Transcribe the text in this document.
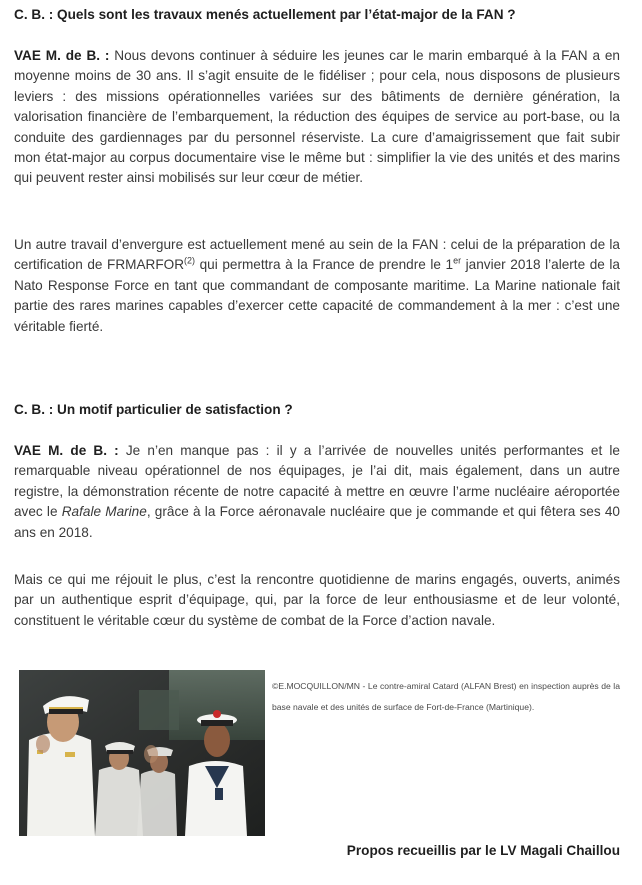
C. B. : Quels sont les travaux menés actuellement par l’état-major de la FAN ?

VAE M. de B. : Nous devons continuer à séduire les jeunes car le marin embarqué à la FAN a en moyenne moins de 30 ans. Il s’agit ensuite de le fidéliser ; pour cela, nous disposons de plusieurs leviers : des missions opérationnelles variées sur des bâtiments de dernière génération, la valorisation financière de l’embarquement, la réduction des équipes de service au port-base, ou la conduite des gardiennages par du personnel réserviste. La cure d’amaigrissement que fait subir mon état-major au corpus documentaire vise le même but : simplifier la vie des unités et des marins qui peuvent rester ainsi mobilisés sur leur cœur de métier.

Un autre travail d’envergure est actuellement mené au sein de la FAN : celui de la préparation de la certification de FRMARFOR$^{(2)}$ qui permettra à la France de prendre le 1er janvier 2018 l’alerte de la Nato Response Force en tant que commandant de composante maritime. La Marine nationale fait partie des rares marines capables d’exercer cette capacité de commandement à la mer : c’est une véritable fierté.

C. B. : Un motif particulier de satisfaction ?

VAE M. de B. : Je n’en manque pas : il y a l’arrivée de nouvelles unités performantes et le remarquable niveau opérationnel de nos équipages, je l’ai dit, mais également, dans un autre registre, la démonstration récente de notre capacité à mettre en œuvre l’arme nucléaire aéroportée avec le Rafale Marine, grâce à la Force aéronavale nucléaire que je commande et qui fêtera ses 40 ans en 2018.

Mais ce qui me réjouit le plus, c’est la rencontre quotidienne de marins engagés, ouverts, animés par un authentique esprit d’équipage, qui, par la force de leur enthousiasme et de leur volonté, constituent le véritable cœur du système de combat de la Force d’action navale.

©E.MOCQUILLON/MN - Le contre-amiral Catard (ALFAN Brest) en inspection auprès de la base navale et des unités de surface de Fort-de-France (Martinique).
Propos recueillis par le LV Magali Chaillou
